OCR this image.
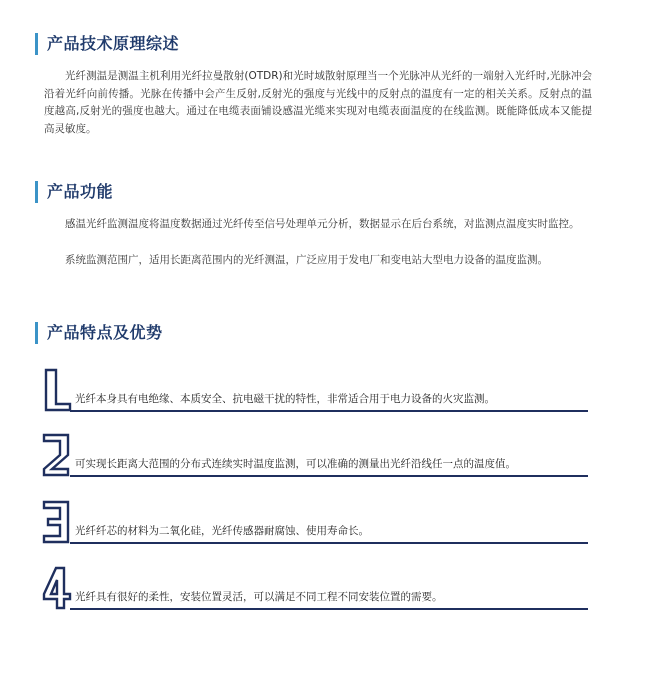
产品技术原理综述

光纤测温是测温主机利用光纤拉曼散射(OTDR)和光时域散射原理当一个光脉冲从光纤的一端射入光纤时,光脉冲会沿着光纤向前传播。光脉在传播中会产生反射,反射光的强度与光线中的反射点的温度有一定的相关关系。反射点的温度越高,反射光的强度也越大。通过在电缆表面铺设感温光缆来实现对电缆表面温度的在线监测。既能降低成本又能提高灵敏度。

产品功能

感温光纤监测温度将温度数据通过光纤传至信号处理单元分析，数据显示在后台系统，对监测点温度实时监控。

系统监测范围广，适用长距离范围内的光纤测温，广泛应用于发电厂和变电站大型电力设备的温度监测。

产品特点及优势
光纤本身具有电绝缘、本质安全、抗电磁干扰的特性，非常适合用于电力设备的火灾监测。
可实现长距离大范围的分布式连续实时温度监测，可以准确的测量出光纤沿线任一点的温度值。
光纤纤芯的材料为二氧化硅，光纤传感器耐腐蚀、使用寿命长。
光纤具有很好的柔性，安装位置灵活，可以满足不同工程不同安装位置的需要。
